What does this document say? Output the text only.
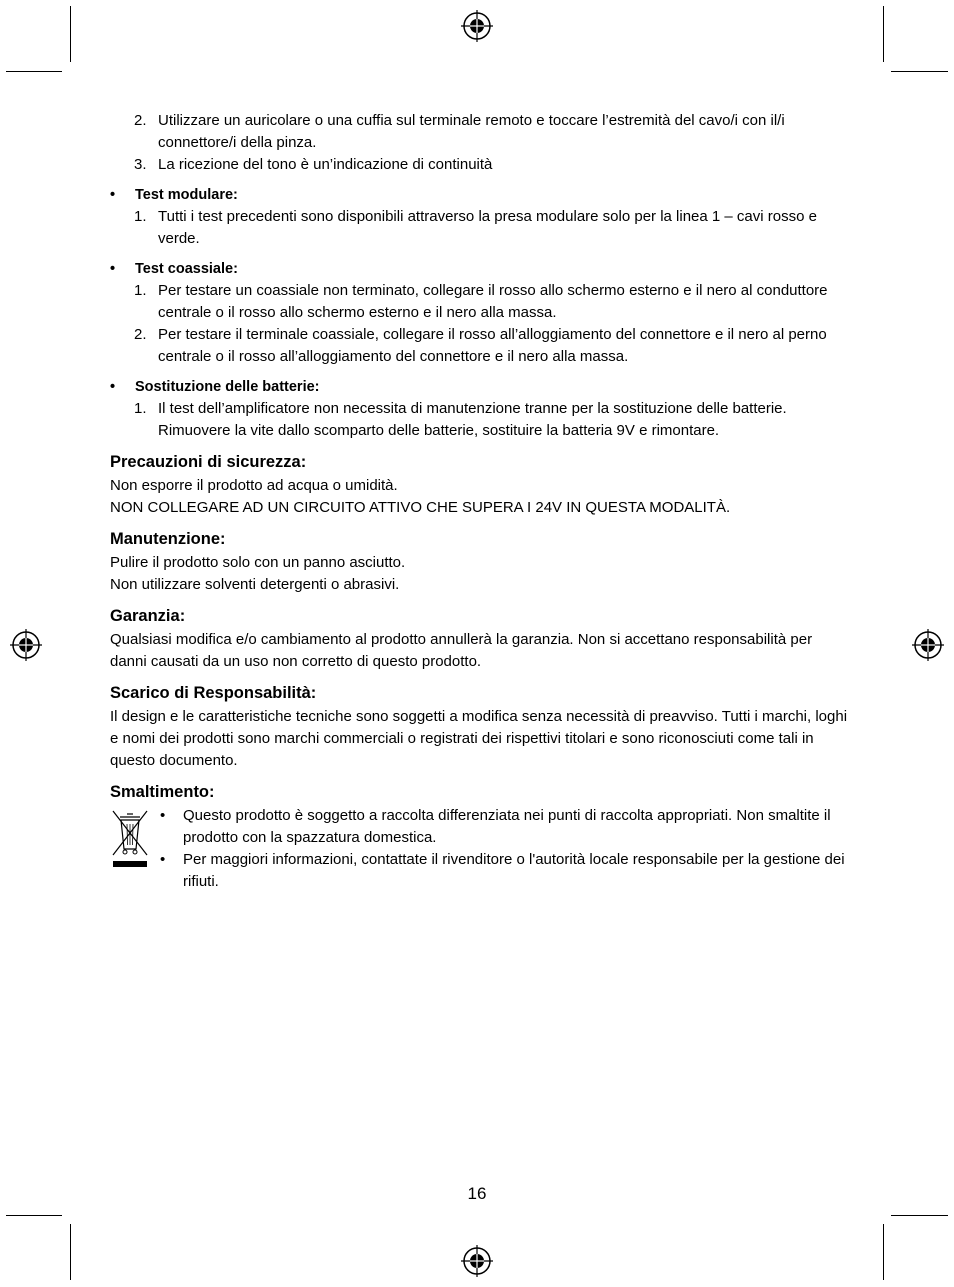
2. Utilizzare un auricolare o una cuffia sul terminale remoto e toccare l’estremità del cavo/i con il/i connettore/i della pinza.
3. La ricezione del tono è un’indicazione di continuità
• Test modulare:
1. Tutti i test precedenti sono disponibili attraverso la presa modulare solo per la linea 1 – cavi rosso e verde.
• Test coassiale:
1. Per testare un coassiale non terminato, collegare il rosso allo schermo esterno e il nero al conduttore centrale o il rosso allo schermo esterno e il nero alla massa.
2. Per testare il terminale coassiale, collegare il rosso all’alloggiamento del connettore e il nero al perno centrale o il rosso all’alloggiamento del connettore e il nero alla massa.
• Sostituzione delle batterie:
1. Il test dell’amplificatore non necessita di manutenzione tranne per la sostituzione delle batterie. Rimuovere la vite dallo scomparto delle batterie, sostituire la batteria 9V e rimontare.
Precauzioni di sicurezza:

Non esporre il prodotto ad acqua o umidità.

NON COLLEGARE AD UN CIRCUITO ATTIVO CHE SUPERA I 24V IN QUESTA MODALITÀ.

Manutenzione:

Pulire il prodotto solo con un panno asciutto.

Non utilizzare solventi detergenti o abrasivi.

Garanzia:

Qualsiasi modifica e/o cambiamento al prodotto annullerà la garanzia. Non si accettano responsabilità per danni causati da un uso non corretto di questo prodotto.

Scarico di Responsabilità:

Il design e le caratteristiche tecniche sono soggetti a modifica senza necessità di preavviso. Tutti i marchi, loghi e nomi dei prodotti sono marchi commerciali o registrati dei rispettivi titolari e sono riconosciuti come tali in questo documento.

Smaltimento:
• Questo prodotto è soggetto a raccolta differenziata nei punti di raccolta appropriati. Non smaltite il prodotto con la spazzatura domestica.
• Per maggiori informazioni, contattate il rivenditore o l'autorità locale responsabile per la gestione dei rifiuti.
16
